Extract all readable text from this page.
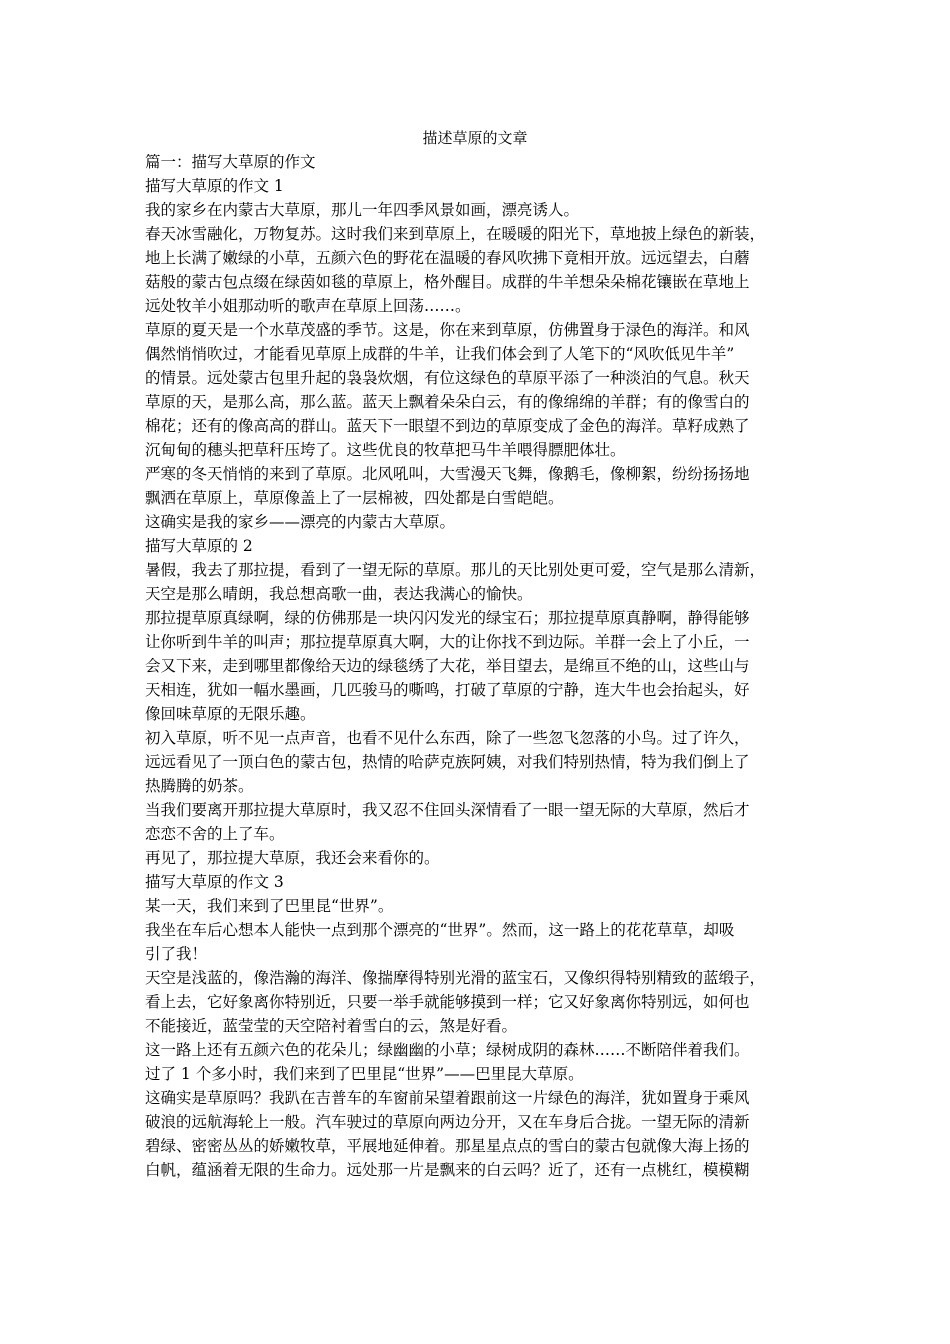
描述草原的文章
篇一：描写大草原的作文
描写大草原的作文 1
我的家乡在内蒙古大草原，那儿一年四季风景如画，漂亮诱人。
春天冰雪融化，万物复苏。这时我们来到草原上，在暖暖的阳光下，草地披上绿色的新装，
地上长满了嫩绿的小草，五颜六色的野花在温暖的春风吹拂下竟相开放。远远望去，白蘑
菇般的蒙古包点缀在绿茵如毯的草原上，格外醒目。成群的牛羊想朵朵棉花镶嵌在草地上
远处牧羊小姐那动听的歌声在草原上回荡……。
草原的夏天是一个水草茂盛的季节。这是，你在来到草原，仿佛置身于渌色的海洋。和风
偶然悄悄吹过，才能看见草原上成群的牛羊，让我们体会到了人笔下的“风吹低见牛羊”
的情景。远处蒙古包里升起的袅袅炊烟，有位这绿色的草原平添了一种淡泊的气息。秋天
草原的天，是那么高，那么蓝。蓝天上飘着朵朵白云，有的像绵绵的羊群；有的像雪白的
棉花；还有的像高高的群山。蓝天下一眼望不到边的草原变成了金色的海洋。草籽成熟了
沉甸甸的穗头把草秆压垮了。这些优良的牧草把马牛羊喂得膘肥体壮。
严寒的冬天悄悄的来到了草原。北风吼叫，大雪漫天飞舞，像鹅毛，像柳絮，纷纷扬扬地
飘洒在草原上，草原像盖上了一层棉被，四处都是白雪皑皑。
这确实是我的家乡——漂亮的内蒙古大草原。
描写大草原的 2
暑假，我去了那拉提，看到了一望无际的草原。那儿的天比别处更可爱，空气是那么清新，
天空是那么晴朗，我总想高歌一曲，表达我满心的愉快。
那拉提草原真绿啊，绿的仿佛那是一块闪闪发光的绿宝石；那拉提草原真静啊，静得能够
让你听到牛羊的叫声；那拉提草原真大啊，大的让你找不到边际。羊群一会上了小丘，一
会又下来，走到哪里都像给天边的绿毯绣了大花，举目望去，是绵亘不绝的山，这些山与
天相连，犹如一幅水墨画，几匹骏马的嘶鸣，打破了草原的宁静，连大牛也会抬起头，好
像回味草原的无限乐趣。
初入草原，听不见一点声音，也看不见什么东西，除了一些忽飞忽落的小鸟。过了许久，
远远看见了一顶白色的蒙古包，热情的哈萨克族阿姨，对我们特别热情，特为我们倒上了
热腾腾的奶茶。
当我们要离开那拉提大草原时，我又忍不住回头深情看了一眼一望无际的大草原，然后才
恋恋不舍的上了车。
再见了，那拉提大草原，我还会来看你的。
描写大草原的作文 3
某一天，我们来到了巴里昆“世界”。
我坐在车后心想本人能快一点到那个漂亮的“世界”。然而，这一路上的花花草草，却吸
引了我！
天空是浅蓝的，像浩瀚的海洋、像揣摩得特别光滑的蓝宝石，又像织得特别精致的蓝缎子，
看上去，它好象离你特别近，只要一举手就能够摸到一样；它又好象离你特别远，如何也
不能接近，蓝莹莹的天空陪衬着雪白的云，煞是好看。
这一路上还有五颜六色的花朵儿；绿幽幽的小草；绿树成阴的森林……不断陪伴着我们。
过了 1 个多小时，我们来到了巴里昆“世界”——巴里昆大草原。
这确实是草原吗？我趴在吉普车的车窗前呆望着跟前这一片绿色的海洋，犹如置身于乘风
破浪的远航海轮上一般。汽车驶过的草原向两边分开，又在车身后合拢。一望无际的清新
碧绿、密密丛丛的娇嫩牧草，平展地延伸着。那星星点点的雪白的蒙古包就像大海上扬的
白帆，蕴涵着无限的生命力。远处那一片是飘来的白云吗？近了，还有一点桃红，模模糊
